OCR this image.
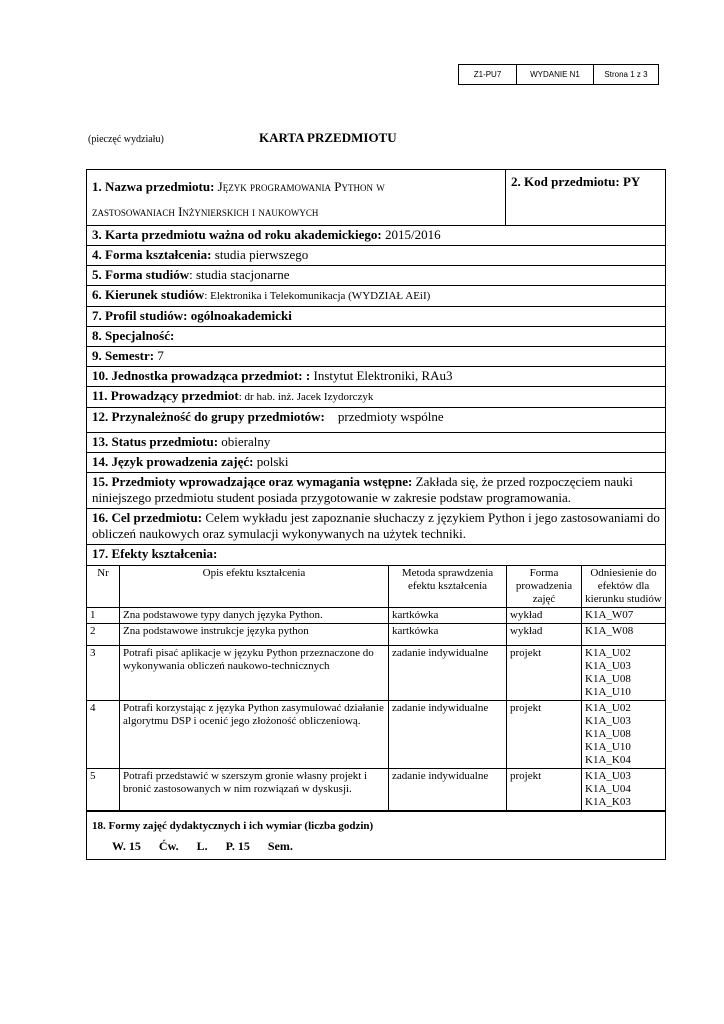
Z1-PU7	WYDANIE N1	Strona 1 z 3
(pieczęć wydziału)	KARTA PRZEDMIOTU
1. Nazwa przedmiotu: Język programowania Python w
zastosowaniach Inżynierskich i naukowych
2. Kod przedmiotu: PY
3. Karta przedmiotu ważna od roku akademickiego: 2015/2016
4. Forma kształcenia: studia pierwszego
5. Forma studiów: studia stacjonarne
6. Kierunek studiów: Elektronika i Telekomunikacja (WYDZIAŁ AEiI)
7. Profil studiów: ogólnoakademicki
8. Specjalność:
9. Semestr: 7
10. Jednostka prowadząca przedmiot: : Instytut Elektroniki, RAu3
11. Prowadzący przedmiot: dr hab. inż. Jacek Izydorczyk
12. Przynależność do grupy przedmiotów: przedmioty wspólne
13. Status przedmiotu: obieralny
14. Język prowadzenia zajęć: polski
15. Przedmioty wprowadzające oraz wymagania wstępne: Zakłada się, że przed rozpoczęciem nauki niniejszego przedmiotu student posiada przygotowanie w zakresie podstaw programowania.
16. Cel przedmiotu: Celem wykładu jest zapoznanie słuchaczy z językiem Python i jego zastosowaniami do obliczeń naukowych oraz symulacji wykonywanych na użytek techniki.
17. Efekty kształcenia:
Nr	Opis efektu kształcenia	Metoda sprawdzenia efektu kształcenia	Forma prowadzenia zajęć	Odniesienie do efektów dla kierunku studiów
1	Zna podstawowe typy danych języka Python.	kartkówka	wykład	K1A_W07
2	Zna podstawowe instrukcje języka python	kartkówka	wykład	K1A_W08
3	Potrafi pisać aplikacje w języku Python przeznaczone do wykonywania obliczeń naukowo-technicznych	zadanie indywidualne	projekt	K1A_U02
K1A_U03
K1A_U08
K1A_U10
4	Potrafi korzystając z języka Python zasymulować działanie algorytmu DSP i ocenić jego złożoność obliczeniową.	zadanie indywidualne	projekt	K1A_U02
K1A_U03
K1A_U08
K1A_U10
K1A_K04
5	Potrafi przedstawić w szerszym gronie własny projekt i bronić zastosowanych w nim rozwiązań w dyskusji.	zadanie indywidualne	projekt	K1A_U03
K1A_U04
K1A_K03
18. Formy zajęć dydaktycznych i ich wymiar (liczba godzin)
W. 15 Ćw. L. P. 15 Sem.
